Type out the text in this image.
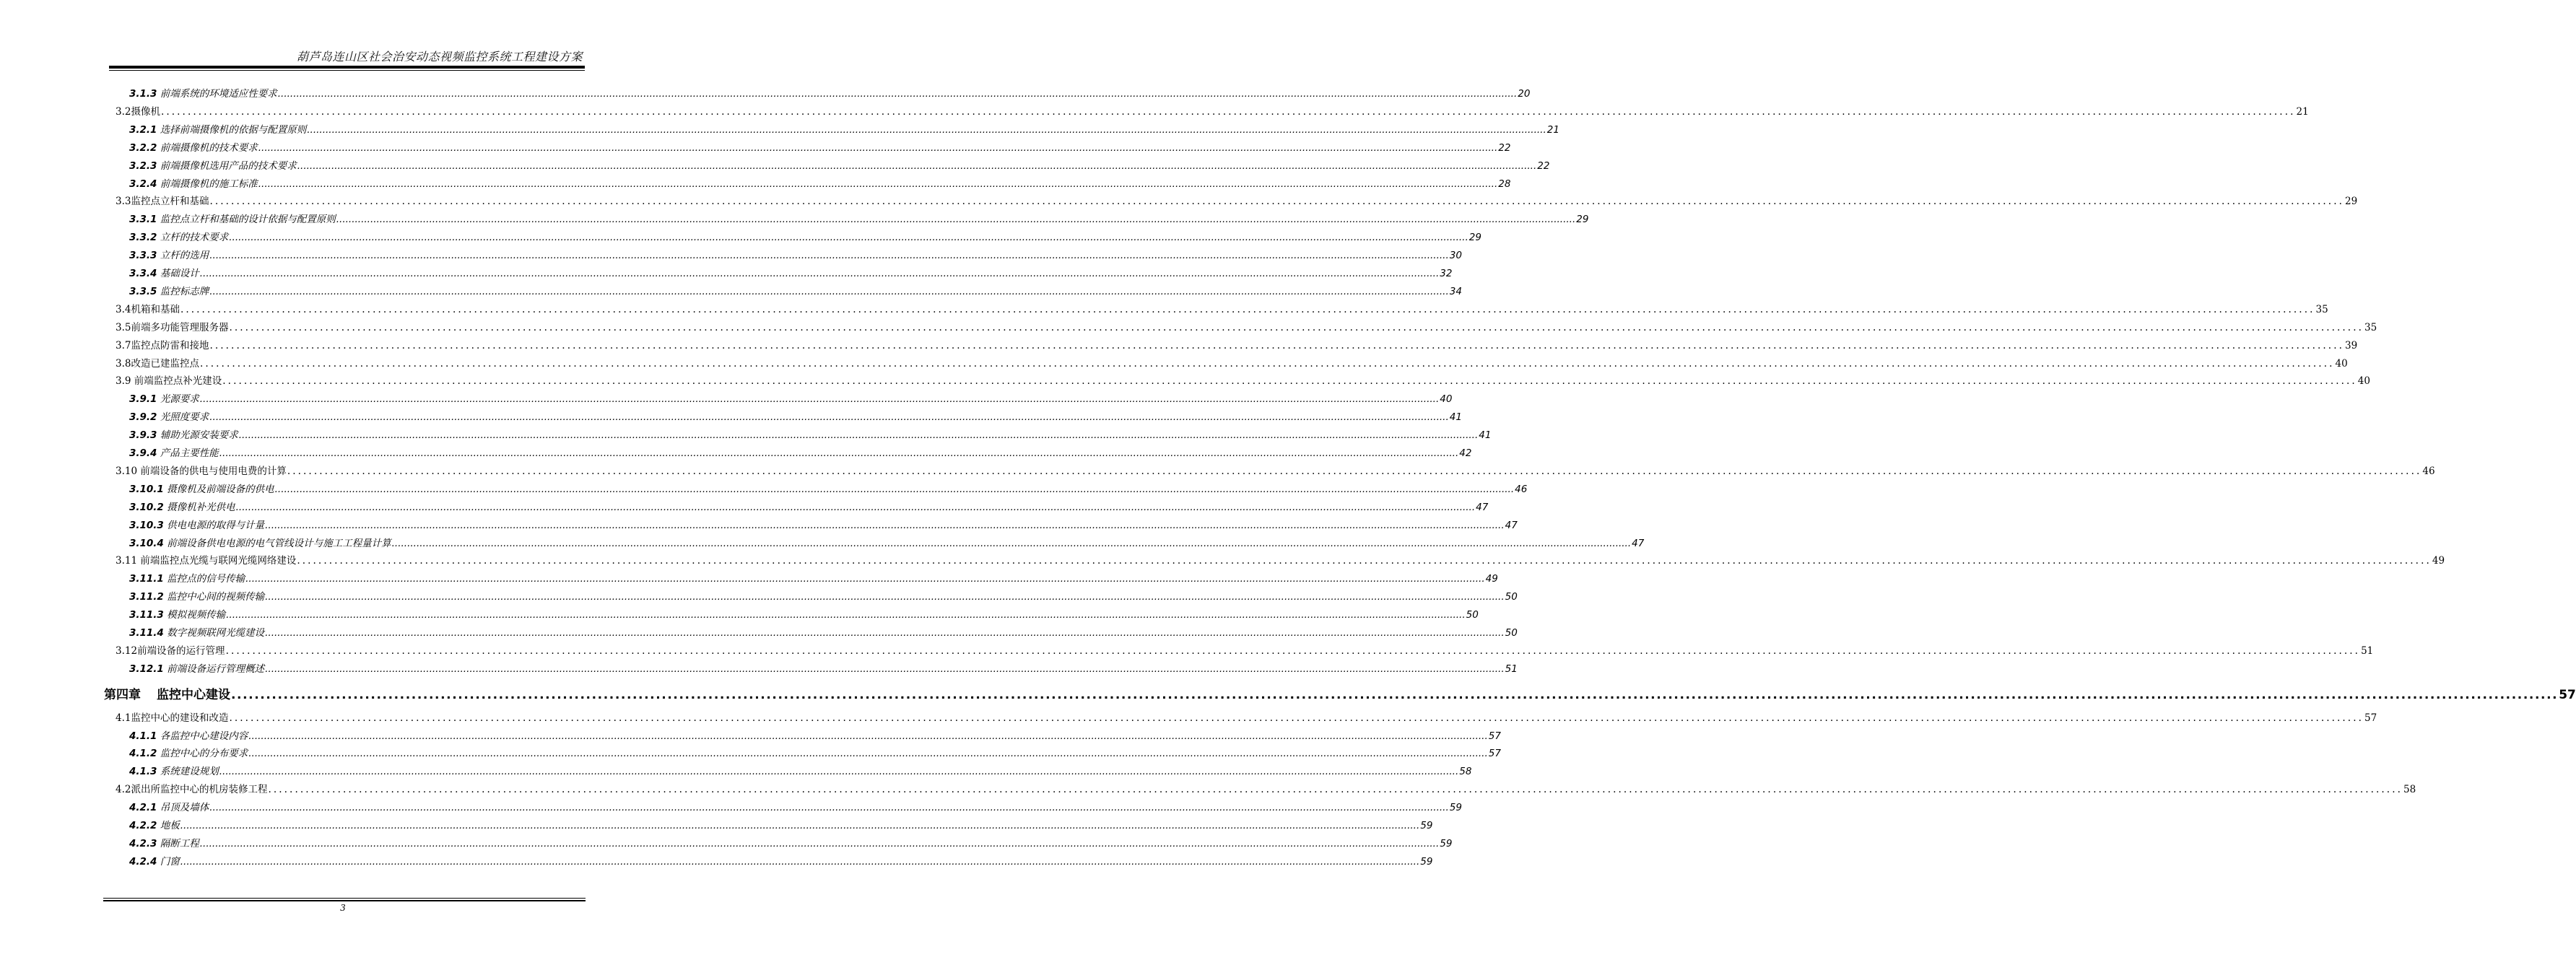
葫芦岛连山区社会治安动态视频监控系统工程建设方案
3.1.3 前端系统的环境适应性要求 ................................................................................................................................................................................................................................................................................................................................................................................................................ 20
3.2摄像机 ................................................................................................................................................................................................................................................................................................................................................................................................................ 21
3.2.1 选择前端摄像机的依据与配置原则 ................................................................................................................................................................................................................................................................................................................................................................................................................ 21
3.2.2 前端摄像机的技术要求 ................................................................................................................................................................................................................................................................................................................................................................................................................ 22
3.2.3 前端摄像机选用产品的技术要求 ................................................................................................................................................................................................................................................................................................................................................................................................................ 22
3.2.4 前端摄像机的施工标准 ................................................................................................................................................................................................................................................................................................................................................................................................................ 28
3.3监控点立杆和基础 ................................................................................................................................................................................................................................................................................................................................................................................................................ 29
3.3.1 监控点立杆和基础的设计依据与配置原则 ................................................................................................................................................................................................................................................................................................................................................................................................................ 29
3.3.2 立杆的技术要求 ................................................................................................................................................................................................................................................................................................................................................................................................................ 29
3.3.3 立杆的选用 ................................................................................................................................................................................................................................................................................................................................................................................................................ 30
3.3.4 基础设计 ................................................................................................................................................................................................................................................................................................................................................................................................................ 32
3.3.5 监控标志牌 ................................................................................................................................................................................................................................................................................................................................................................................................................ 34
3.4机箱和基础 ................................................................................................................................................................................................................................................................................................................................................................................................................ 35
3.5前端多功能管理服务器 ................................................................................................................................................................................................................................................................................................................................................................................................................ 35
3.7监控点防雷和接地 ................................................................................................................................................................................................................................................................................................................................................................................................................ 39
3.8改造已建监控点 ................................................................................................................................................................................................................................................................................................................................................................................................................ 40
3.9 前端监控点补光建设 ................................................................................................................................................................................................................................................................................................................................................................................................................ 40
3.9.1 光源要求 ................................................................................................................................................................................................................................................................................................................................................................................................................ 40
3.9.2 光照度要求 ................................................................................................................................................................................................................................................................................................................................................................................................................ 41
3.9.3 辅助光源安装要求 ................................................................................................................................................................................................................................................................................................................................................................................................................ 41
3.9.4 产品主要性能 ................................................................................................................................................................................................................................................................................................................................................................................................................ 42
3.10 前端设备的供电与使用电费的计算 ................................................................................................................................................................................................................................................................................................................................................................................................................ 46
3.10.1 摄像机及前端设备的供电 ................................................................................................................................................................................................................................................................................................................................................................................................................ 46
3.10.2 摄像机补光供电 ................................................................................................................................................................................................................................................................................................................................................................................................................ 47
3.10.3 供电电源的取得与计量 ................................................................................................................................................................................................................................................................................................................................................................................................................ 47
3.10.4 前端设备供电电源的电气管线设计与施工工程量计算 ................................................................................................................................................................................................................................................................................................................................................................................................................ 47
3.11 前端监控点光缆与联网光缆网络建设 ................................................................................................................................................................................................................................................................................................................................................................................................................ 49
3.11.1 监控点的信号传输 ................................................................................................................................................................................................................................................................................................................................................................................................................ 49
3.11.2 监控中心间的视频传输 ................................................................................................................................................................................................................................................................................................................................................................................................................ 50
3.11.3 模拟视频传输 ................................................................................................................................................................................................................................................................................................................................................................................................................ 50
3.11.4 数字视频联网光缆建设 ................................................................................................................................................................................................................................................................................................................................................................................................................ 50
3.12前端设备的运行管理 ................................................................................................................................................................................................................................................................................................................................................................................................................ 51
3.12.1 前端设备运行管理概述 ................................................................................................................................................................................................................................................................................................................................................................................................................ 51
第四章 监控中心建设 ................................................................................................................................................................................................................................................................................................................................................................................................................ 57
4.1监控中心的建设和改造 ................................................................................................................................................................................................................................................................................................................................................................................................................ 57
4.1.1 各监控中心建设内容 ................................................................................................................................................................................................................................................................................................................................................................................................................ 57
4.1.2 监控中心的分布要求 ................................................................................................................................................................................................................................................................................................................................................................................................................ 57
4.1.3 系统建设规划 ................................................................................................................................................................................................................................................................................................................................................................................................................ 58
4.2派出所监控中心的机房装修工程 ................................................................................................................................................................................................................................................................................................................................................................................................................ 58
4.2.1 吊顶及墙体 ................................................................................................................................................................................................................................................................................................................................................................................................................ 59
4.2.2 地板 ................................................................................................................................................................................................................................................................................................................................................................................................................ 59
4.2.3 隔断工程 ................................................................................................................................................................................................................................................................................................................................................................................................................ 59
4.2.4 门窗 ................................................................................................................................................................................................................................................................................................................................................................................................................ 59
3
